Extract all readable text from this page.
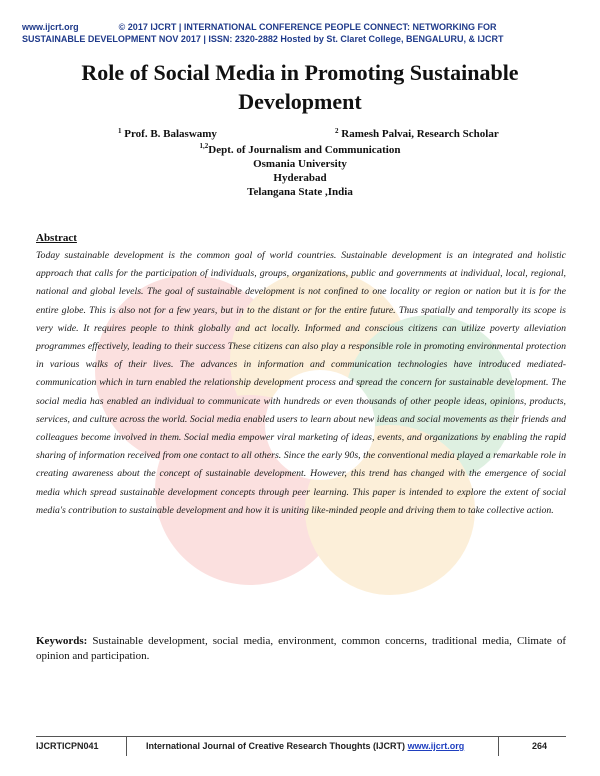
www.ijcrt.org	© 2017 IJCRT | INTERNATIONAL CONFERENCE PEOPLE CONNECT: NETWORKING FOR
SUSTAINABLE DEVELOPMENT NOV 2017 | ISSN: 2320-2882 Hosted by St. Claret College, BENGALURU, & IJCRT
Role of Social Media in Promoting Sustainable Development
$^1$ Prof. B. Balaswamy	$^2$ Ramesh Palvai, Research Scholar
$^{1,2}$Dept. of Journalism and Communication
Osmania University
Hyderabad
Telangana State ,India
Abstract
Today sustainable development is the common goal of world countries. Sustainable development is an integrated and holistic approach that calls for the participation of individuals, groups, organizations, public and governments at individual, local, regional, national and global levels. The goal of sustainable development is not confined to one locality or region or nation but it is for the entire globe. This is also not for a few years, but in to the distant or for the entire future. Thus spatially and temporally its scope is very wide. It requires people to think globally and act locally. Informed and conscious citizens can utilize poverty alleviation programmes effectively, leading to their success These citizens can also play a responsible role in promoting environmental protection in various walks of their lives. The advances in information and communication technologies have introduced mediated-communication which in turn enabled the relationship development process and spread the concern for sustainable development. The social media has enabled an individual to communicate with hundreds or even thousands of other people ideas, opinions, products, services, and culture across the world. Social media enabled users to learn about new ideas and social movements as their friends and colleagues become involved in them. Social media empower viral marketing of ideas, events, and organizations by enabling the rapid sharing of information received from one contact to all others. Since the early 90s, the conventional media played a remarkable role in creating awareness about the concept of sustainable development. However, this trend has changed with the emergence of social media which spread sustainable development concepts through peer learning. This paper is intended to explore the extent of social media's contribution to sustainable development and how it is uniting like-minded people and driving them to take collective action.
Keywords: Sustainable development, social media, environment, common concerns, traditional media, Climate of opinion and participation.
IJCRTICPN041	International Journal of Creative Research Thoughts (IJCRT) www.ijcrt.org	264
